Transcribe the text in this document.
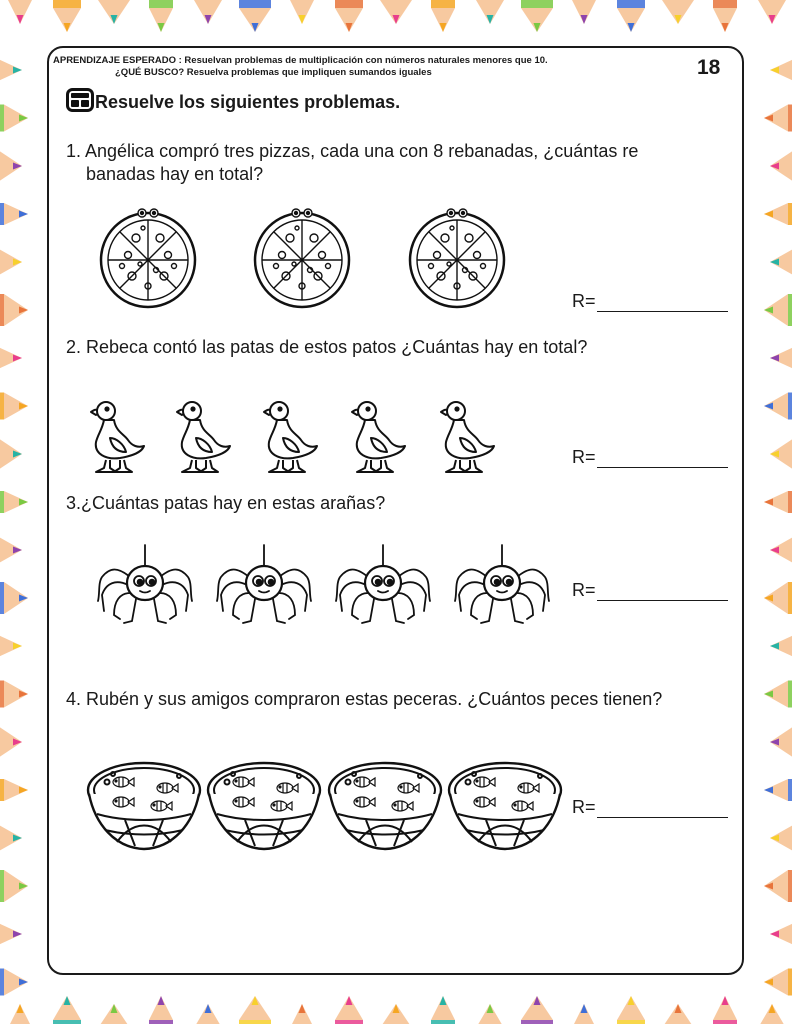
APRENDIZAJE ESPERADO : Resuelvan problemas de multiplicación con números naturales menores que 10.
¿QUÉ BUSCO? Resuelva problemas que impliquen sumandos iguales	18
Resuelve los siguientes problemas.
1. Angélica compró tres pizzas, cada una con 8 rebanadas, ¿cuántas re
banadas hay en total?
R=
2. Rebeca contó las patas de estos patos ¿Cuántas hay en total?
R=
3.¿Cuántas patas hay en estas arañas?
R=
4. Rubén y sus amigos compraron estas peceras. ¿Cuántos peces tienen?
R=
